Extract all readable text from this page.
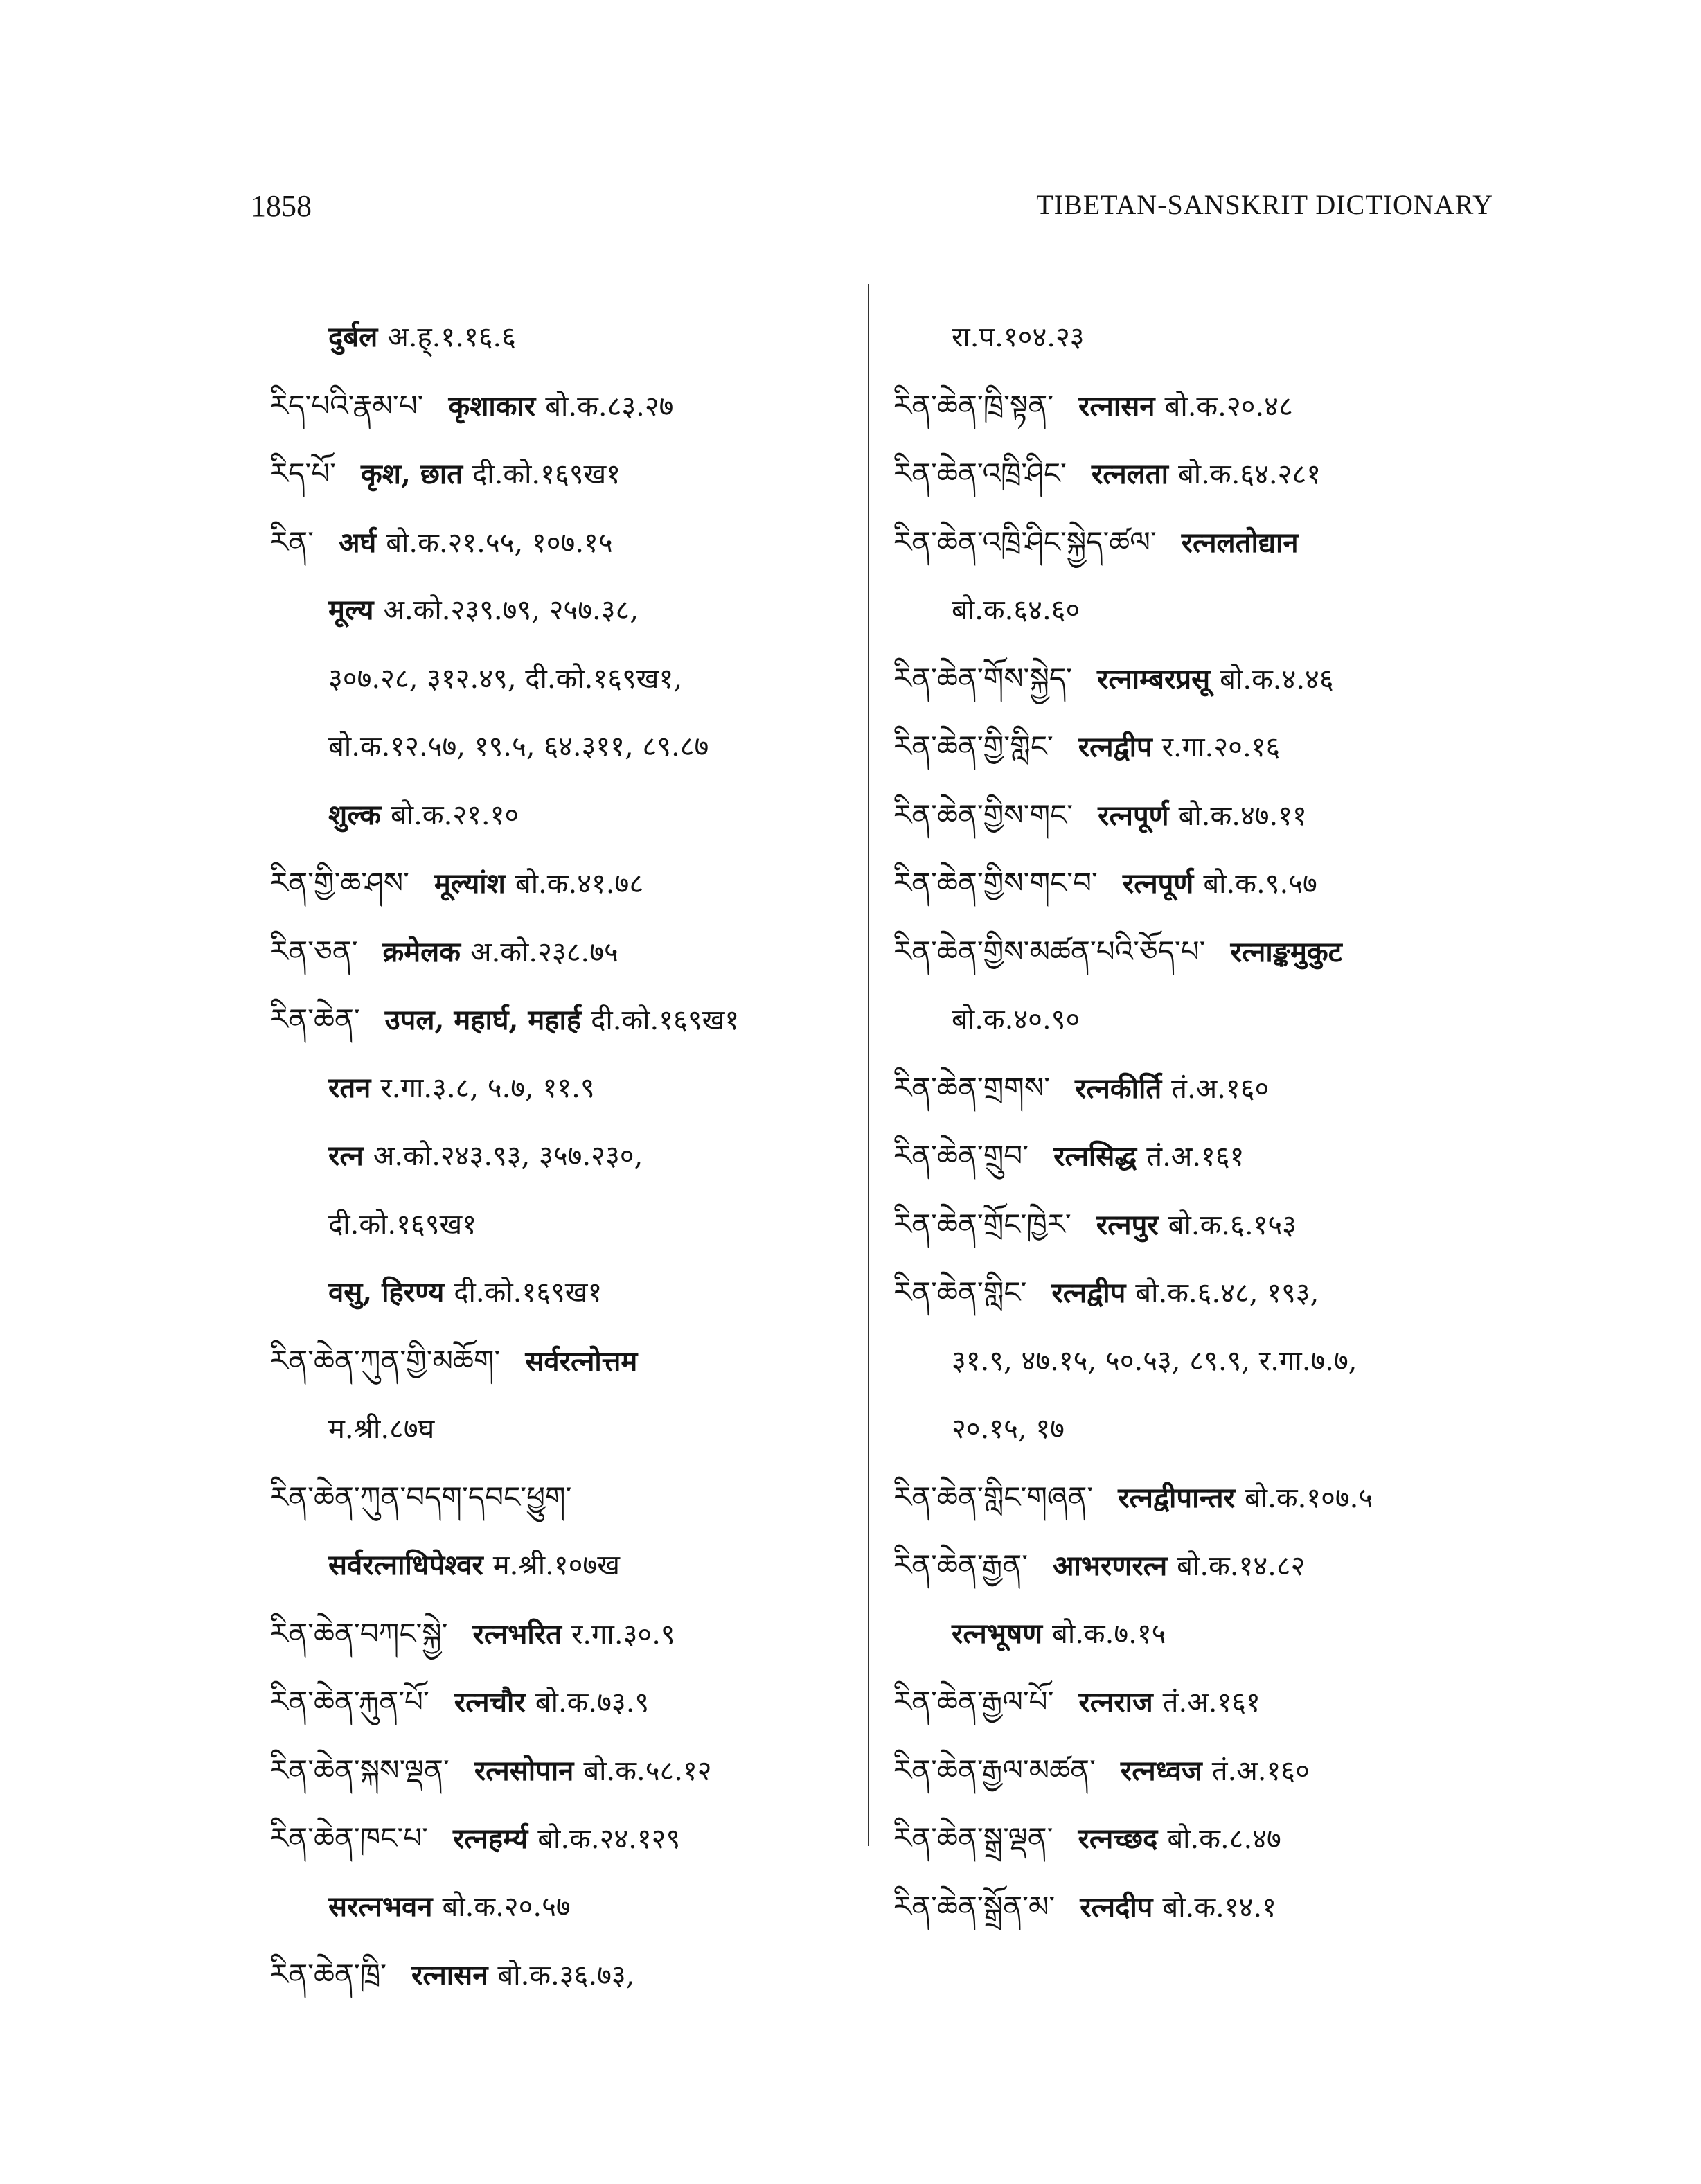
1858	TIBETAN-SANSKRIT DICTIONARY
दुर्बल अ.ह्.१.१६.६
རིད་པའི་རྣམ་པ་ कृशाकार बो.क.८३.२७
རིད་པོ་ कृश, छात दी.को.१६९ख१
རིན་ अर्घ बो.क.२१.५५, १०७.१५
मूल्य अ.को.२३९.७९, २५७.३८,
३०७.२८, ३१२.४९, दी.को.१६९ख१,
बो.क.१२.५७, १९.५, ६४.३११, ८९.८७
शुल्क बो.क.२१.१०
རིན་གྱི་ཆ་ཤས་ मूल्यांश बो.क.४१.७८
རིན་ཅན་ क्रमेलक अ.को.२३८.७५
རིན་ཆེན་ उपल, महार्घ, महार्ह दी.को.१६९ख१
रतन र.गा.३.८, ५.७, ११.९
रत्न अ.को.२४३.९३, ३५७.२३०,
दी.को.१६९ख१
वसु, हिरण्य दी.को.१६९ख१
རིན་ཆེན་ཀུན་གྱི་མཆོག་ सर्वरत्नोत्तम
म.श्री.८७घ
རིན་ཆེན་ཀུན་བདག་དབང་ཕྱུག་
सर्वरत्नाधिपेश्वर म.श्री.१०७ख
རིན་ཆེན་བཀང་སྐྱེ་ रत्नभरित र.गा.३०.९
རིན་ཆེན་རྐུན་པོ་ रत्नचौर बो.क.७३.९
རིན་ཆེན་སྐས་ལྡན་ रत्नसोपान बो.क.५८.१२
རིན་ཆེན་ཁང་པ་ रत्नहर्म्य बो.क.२४.१२९
सरत्नभवन बो.क.२०.५७
རིན་ཆེན་ཁྲི་ रत्नासन बो.क.३६.७३,
रा.प.१०४.२३
རིན་ཆེན་ཁྲི་སྟན་ रत्नासन बो.क.२०.४८
རིན་ཆེན་འཁྲི་ཤིང་ रत्नलता बो.क.६४.२८१
རིན་ཆེན་འཁྲི་ཤིང་སྐྱེད་ཚལ་ रत्नलतोद्यान
बो.क.६४.६०
རིན་ཆེན་གོས་སྐྱེད་ रत्नाम्बरप्रसू बो.क.४.४६
རིན་ཆེན་གྱི་གླིང་ रत्नद्वीप र.गा.२०.१६
རིན་ཆེན་གྱིས་གང་ रत्नपूर्ण बो.क.४७.११
རིན་ཆེན་གྱིས་གང་བ་ रत्नपूर्ण बो.क.९.५७
རིན་ཆེན་གྱིས་མཚན་པའི་ཅོད་པ་ रत्नाङ्कमुकुट
बो.क.४०.९०
རིན་ཆེན་གྲགས་ रत्नकीर्ति तं.अ.१६०
རིན་ཆེན་གྲུབ་ रत्नसिद्ध तं.अ.१६१
རིན་ཆེན་གྲོང་ཁྱེར་ रत्नपुर बो.क.६.१५३
རིན་ཆེན་གླིང་ रत्नद्वीप बो.क.६.४८, १९३,
३१.९, ४७.१५, ५०.५३, ८९.९, र.गा.७.७,
२०.१५, १७
རིན་ཆེན་གླིང་གཞན་ रत्नद्वीपान्तर बो.क.१०७.५
རིན་ཆེན་རྒྱན་ आभरणरत्न बो.क.१४.८२
रत्नभूषण बो.क.७.१५
རིན་ཆེན་རྒྱལ་པོ་ रत्नराज तं.अ.१६१
རིན་ཆེན་རྒྱལ་མཚན་ रत्नध्वज तं.अ.१६०
རིན་ཆེན་སྒྲ་ལྡན་ रत्नच्छद बो.क.८.४७
རིན་ཆེན་སྒྲོན་མ་ रत्नदीप बो.क.१४.१
